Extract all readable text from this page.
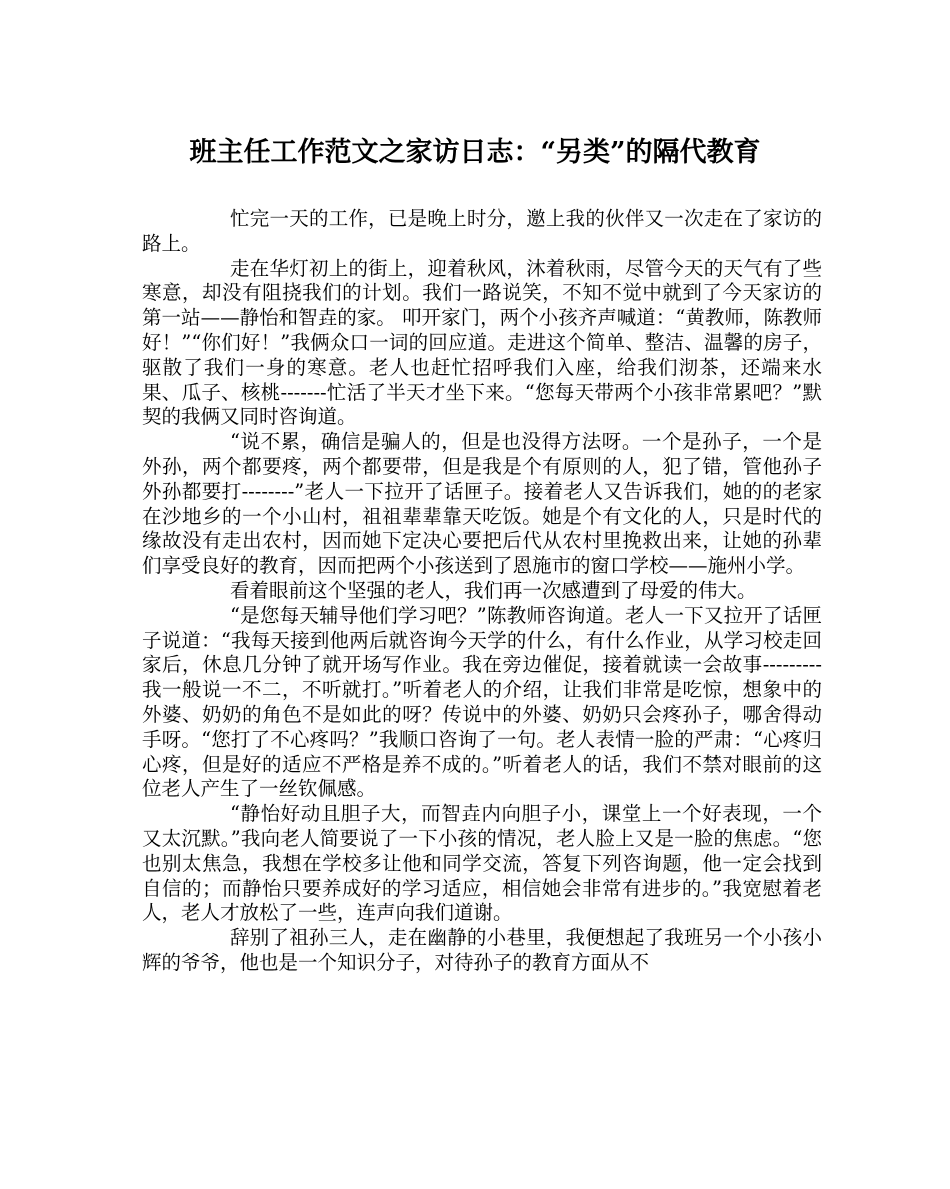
班主任工作范文之家访日志：“另类”的隔代教育

忙完一天的工作，已是晚上时分，邀上我的伙伴又一次走在了家访的路上。

走在华灯初上的街上，迎着秋风，沐着秋雨，尽管今天的天气有了些寒意，却没有阻挠我们的计划。我们一路说笑，不知不觉中就到了今天家访的第一站——静怡和智垚的家。 叩开家门，两个小孩齐声喊道：“黄教师，陈教师好！”“你们好！”我俩众口一词的回应道。走进这个简单、整洁、温馨的房子，驱散了我们一身的寒意。老人也赶忙招呼我们入座，给我们沏茶，还端来水果、瓜子、核桃-------忙活了半天才坐下来。“您每天带两个小孩非常累吧？”默契的我俩又同时咨询道。

“说不累，确信是骗人的，但是也没得方法呀。一个是孙子，一个是外孙，两个都要疼，两个都要带，但是我是个有原则的人，犯了错，管他孙子外孙都要打--------”老人一下拉开了话匣子。接着老人又告诉我们，她的的老家在沙地乡的一个小山村，祖祖辈辈靠天吃饭。她是个有文化的人，只是时代的缘故没有走出农村，因而她下定决心要把后代从农村里挽救出来，让她的孙辈们享受良好的教育，因而把两个小孩送到了恩施市的窗口学校——施州小学。

看着眼前这个坚强的老人，我们再一次感遭到了母爱的伟大。

“是您每天辅导他们学习吧？”陈教师咨询道。老人一下又拉开了话匣子说道：“我每天接到他两后就咨询今天学的什么，有什么作业，从学习校走回家后，休息几分钟了就开场写作业。我在旁边催促，接着就读一会故事---------我一般说一不二，不听就打。”听着老人的介绍，让我们非常是吃惊，想象中的外婆、奶奶的角色不是如此的呀？传说中的外婆、奶奶只会疼孙子，哪舍得动手呀。“您打了不心疼吗？”我顺口咨询了一句。老人表情一脸的严肃：“心疼归心疼，但是好的适应不严格是养不成的。”听着老人的话，我们不禁对眼前的这位老人产生了一丝钦佩感。

“静怡好动且胆子大，而智垚内向胆子小，课堂上一个好表现，一个又太沉默。”我向老人简要说了一下小孩的情况，老人脸上又是一脸的焦虑。“您也别太焦急，我想在学校多让他和同学交流，答复下列咨询题，他一定会找到自信的；而静怡只要养成好的学习适应，相信她会非常有进步的。”我宽慰着老人，老人才放松了一些，连声向我们道谢。

辞别了祖孙三人，走在幽静的小巷里，我便想起了我班另一个小孩小辉的爷爷，他也是一个知识分子，对待孙子的教育方面从不
